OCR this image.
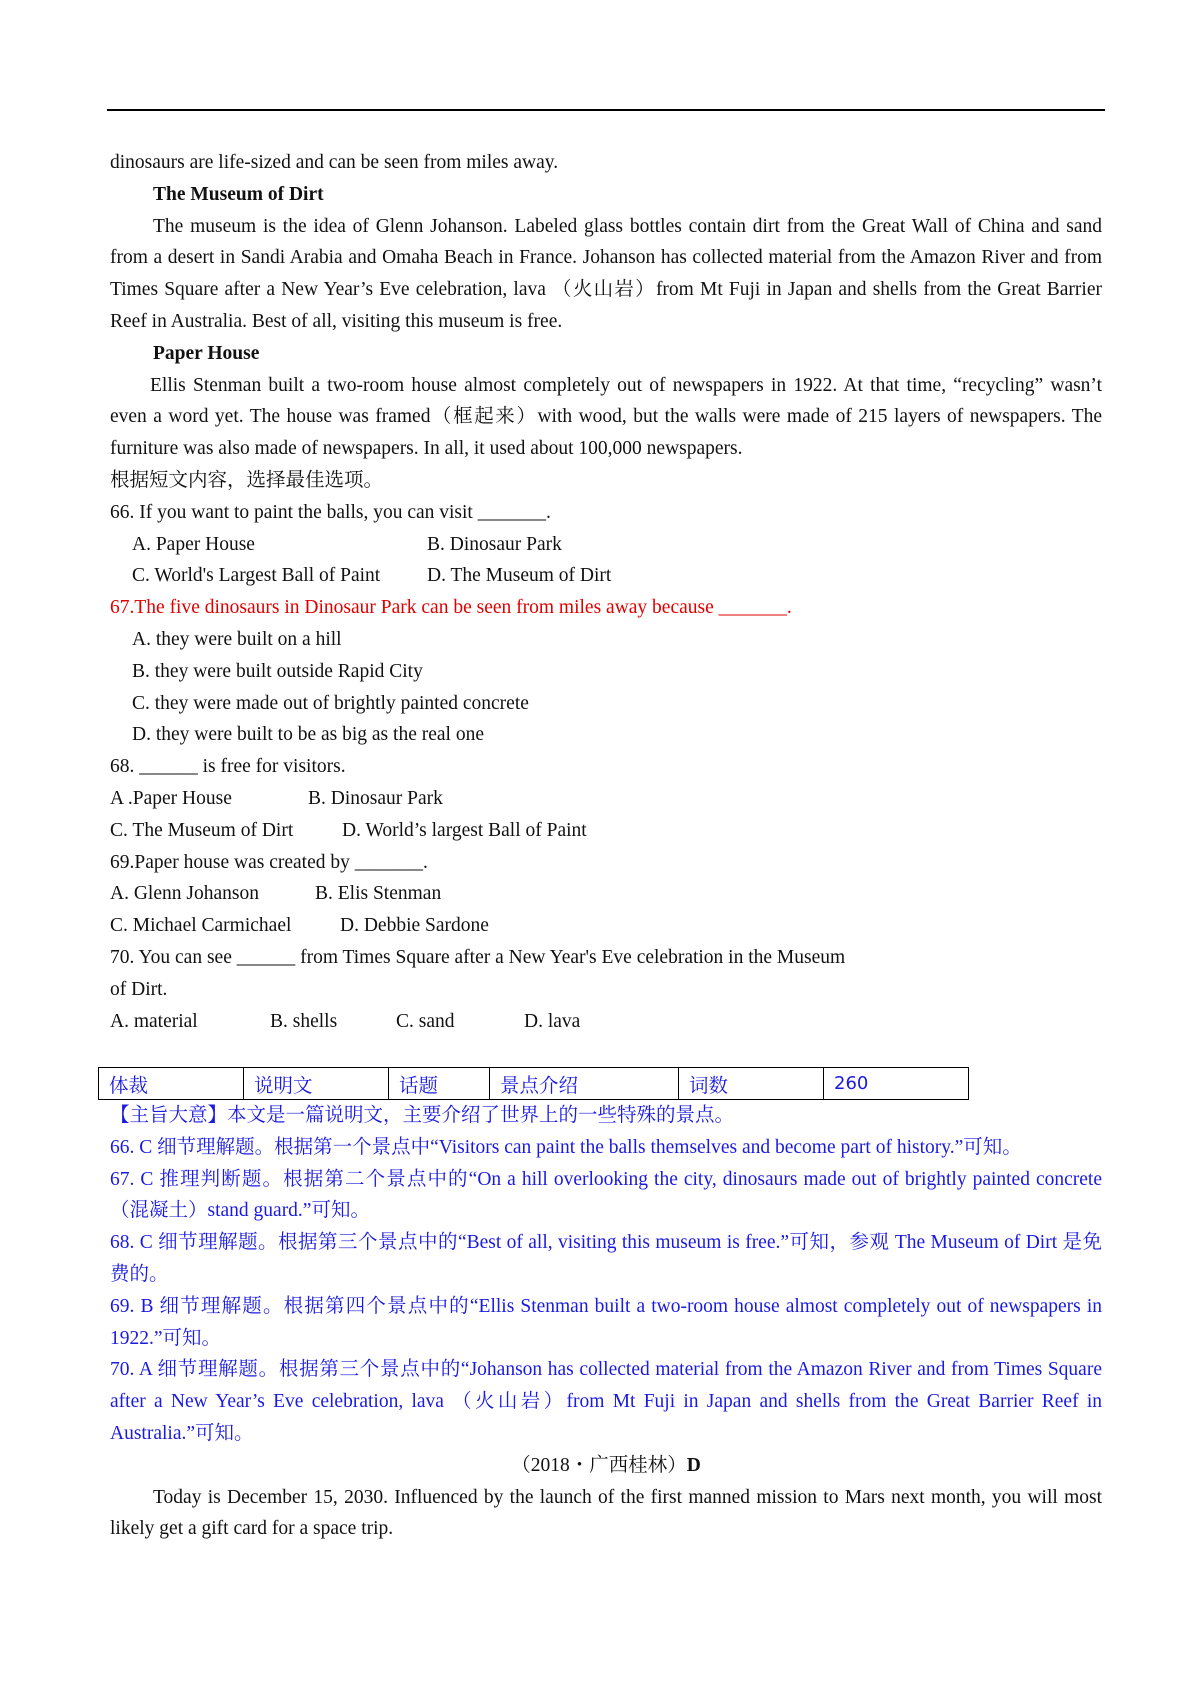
dinosaurs are life-sized and can be seen from miles away.

The Museum of Dirt

The museum is the idea of Glenn Johanson. Labeled glass bottles contain dirt from the Great Wall of China and sand from a desert in Sandi Arabia and Omaha Beach in France. Johanson has collected material from the Amazon River and from Times Square after a New Year’s Eve celebration, lava （火山岩）from Mt Fuji in Japan and shells from the Great Barrier Reef in Australia. Best of all, visiting this museum is free.

Paper House

Ellis Stenman built a two-room house almost completely out of newspapers in 1922. At that time, “recycling” wasn’t even a word yet. The house was framed（框起来）with wood, but the walls were made of 215 layers of newspapers. The furniture was also made of newspapers. In all, it used about 100,000 newspapers.

根据短文内容，选择最佳选项。

66. If you want to paint the balls, you can visit _______.

A. Paper House	B. Dinosaur Park
C. World's Largest Ball of Paint	D. The Museum of Dirt

67.The five dinosaurs in Dinosaur Park can be seen from miles away because _______.

A. they were built on a hill

B. they were built outside Rapid City

C. they were made out of brightly painted concrete

D. they were built to be as big as the real one

68. ______ is free for visitors.

A .Paper House	B. Dinosaur Park
C. The Museum of Dirt	D. World’s largest Ball of Paint

69.Paper house was created by _______.

A. Glenn Johanson	B. Elis Stenman
C. Michael Carmichael	D. Debbie Sardone

70. You can see ______ from Times Square after a New Year's Eve celebration in the Museum

of Dirt.

A. material	B. shells	C. sand	D. lava
体裁	说明文	话题	景点介绍	词数	260

【主旨大意】本文是一篇说明文，主要介绍了世界上的一些特殊的景点。

66. C 细节理解题。根据第一个景点中“Visitors can paint the balls themselves and become part of history.”可知。

67. C 推理判断题。根据第二个景点中的“On a hill overlooking the city, dinosaurs made out of brightly painted concrete（混凝土）stand guard.”可知。

68. C 细节理解题。根据第三个景点中的“Best of all, visiting this museum is free.”可知，参观 The Museum of Dirt 是免费的。

69. B 细节理解题。根据第四个景点中的“Ellis Stenman built a two-room house almost completely out of newspapers in 1922.”可知。

70. A 细节理解题。根据第三个景点中的“Johanson has collected material from the Amazon River and from Times Square after a New Year’s Eve celebration, lava （火山岩）from Mt Fuji in Japan and shells from the Great Barrier Reef in Australia.”可知。

（2018・广西桂林）D

Today is December 15, 2030. Influenced by the launch of the first manned mission to Mars next month, you will most likely get a gift card for a space trip.
